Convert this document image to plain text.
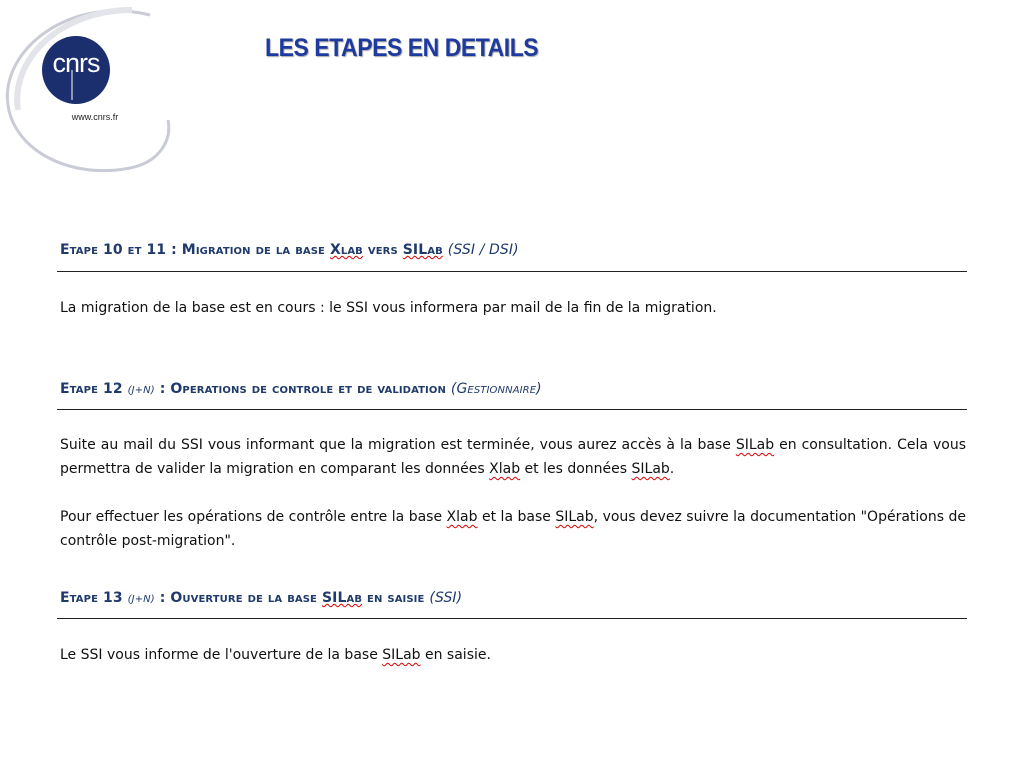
cnrs
www.cnrs.fr
LES ETAPES EN DETAILS
Etape 10 et 11 : Migration de la base Xlab vers SILab (SSI / DSI)
La migration de la base est en cours : le SSI vous informera par mail de la fin de la migration.
Etape 12 (J+N) : Operations de controle et de validation (Gestionnaire)
Suite au mail du SSI vous informant que la migration est terminée, vous aurez accès à la base SILab en consultation. Cela vous permettra de valider la migration en comparant les données Xlab et les données SILab.
Pour effectuer les opérations de contrôle entre la base Xlab et la base SILab, vous devez suivre la documentation "Opérations de contrôle post-migration".
Etape 13 (J+N) : Ouverture de la base SILab en saisie (SSI)
Le SSI vous informe de l'ouverture de la base SILab en saisie.
